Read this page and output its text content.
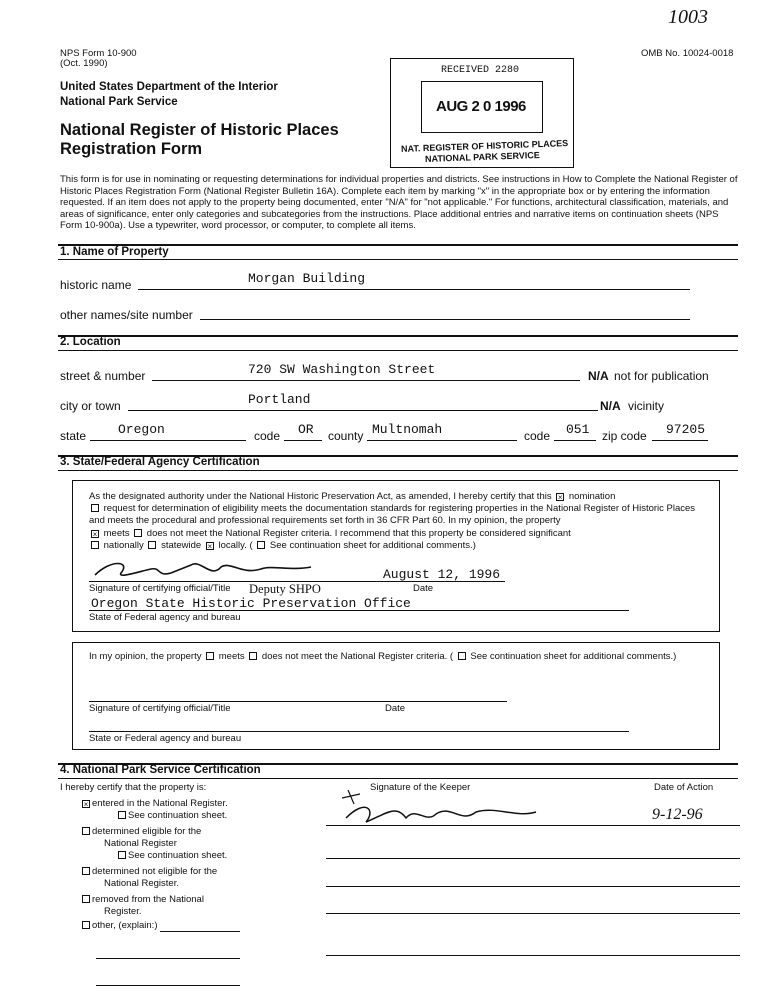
1003
NPS Form 10-900
(Oct. 1990)
OMB No. 10024-0018
United States Department of the Interior
National Park Service
National Register of Historic Places
Registration Form
RECEIVED 2280
AUG 2 0 1996
NAT. REGISTER OF HISTORIC PLACES
NATIONAL PARK SERVICE
This form is for use in nominating or requesting determinations for individual properties and districts. See instructions in How to Complete the National Register of Historic Places Registration Form (National Register Bulletin 16A). Complete each item by marking "x" in the appropriate box or by entering the information requested. If an item does not apply to the property being documented, enter "N/A" for "not applicable." For functions, architectural classification, materials, and areas of significance, enter only categories and subcategories from the instructions. Place additional entries and narrative items on continuation sheets (NPS Form 10-900a). Use a typewriter, word processor, or computer, to complete all items.
1. Name of Property
historic name	Morgan Building
other names/site number
2. Location
street & number	720 SW Washington Street	N/A not for publication
city or town	Portland	N/A vicinity
state Oregon	code OR county Multnomah	code 051 zip code 97205
3. State/Federal Agency Certification
As the designated authority under the National Historic Preservation Act, as amended, I hereby certify that this × nomination
request for determination of eligibility meets the documentation standards for registering properties in the National Register of Historic Places and meets the procedural and professional requirements set forth in 36 CFR Part 60. In my opinion, the property
× meets does not meet the National Register criteria. I recommend that this property be considered significant
nationally statewide × locally. ( See continuation sheet for additional comments.)
August 12, 1996
Signature of certifying official/Title Deputy SHPO	Date
Oregon State Historic Preservation Office
State of Federal agency and bureau
In my opinion, the property meets does not meet the National Register criteria. ( See continuation sheet for additional comments.)
Signature of certifying official/Title	Date
State or Federal agency and bureau
4. National Park Service Certification
I hereby certify that the property is:	Signature of the Keeper	Date of Action
× entered in the National Register.
See continuation sheet.
determined eligible for the
National Register
See continuation sheet.
determined not eligible for the
National Register.
removed from the National
Register.
other, (explain:)
9-12-96
